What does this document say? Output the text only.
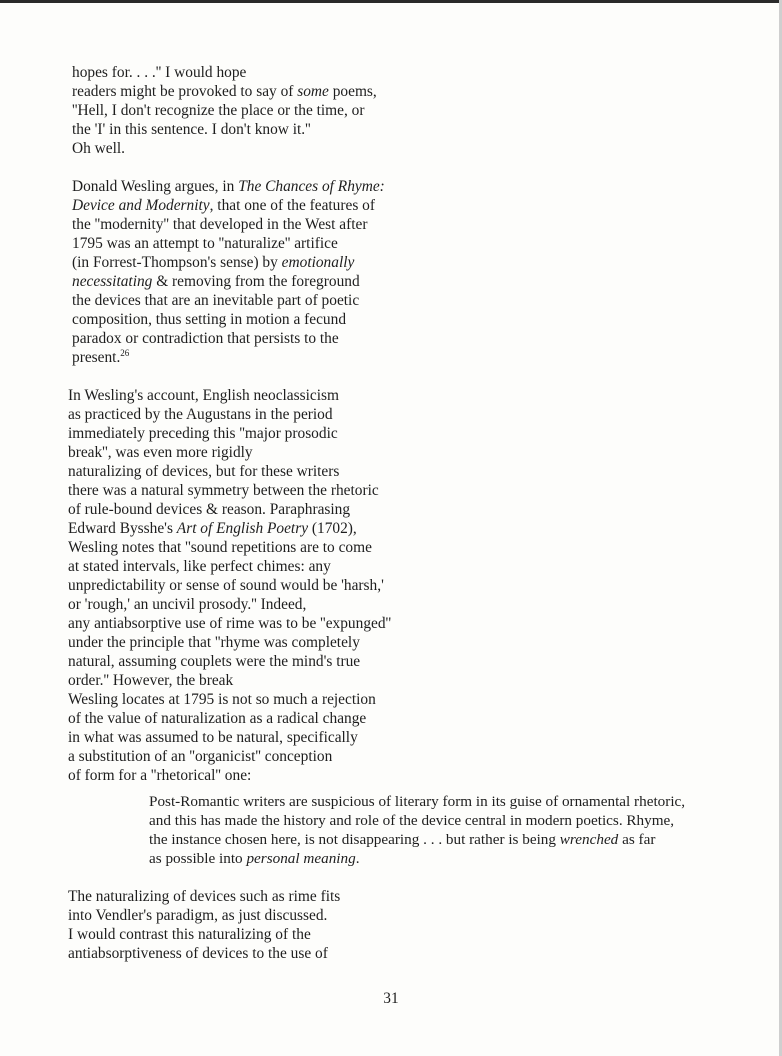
hopes for. . . .'' I would hope
readers might be provoked to say of some poems,
''Hell, I don't recognize the place or the time, or
the 'I' in this sentence. I don't know it.''
Oh well.
Donald Wesling argues, in The Chances of Rhyme:
Device and Modernity, that one of the features of
the ''modernity'' that developed in the West after
1795 was an attempt to ''naturalize'' artifice
(in Forrest-Thompson's sense) by emotionally
necessitating & removing from the foreground
the devices that are an inevitable part of poetic
composition, thus setting in motion a fecund
paradox or contradiction that persists to the
present.$^{26}$
In Wesling's account, English neoclassicism
as practiced by the Augustans in the period
immediately preceding this ''major prosodic
break'', was even more rigidly
naturalizing of devices, but for these writers
there was a natural symmetry between the rhetoric
of rule-bound devices & reason. Paraphrasing
Edward Bysshe's Art of English Poetry (1702),
Wesling notes that ''sound repetitions are to come
at stated intervals, like perfect chimes: any
unpredictability or sense of sound would be 'harsh,'
or 'rough,' an uncivil prosody.'' Indeed,
any antiabsorptive use of rime was to be ''expunged''
under the principle that ''rhyme was completely
natural, assuming couplets were the mind's true
order.'' However, the break
Wesling locates at 1795 is not so much a rejection
of the value of naturalization as a radical change
in what was assumed to be natural, specifically
a substitution of an ''organicist'' conception
of form for a ''rhetorical'' one:
Post-Romantic writers are suspicious of literary form in its guise of ornamental rhetoric,
and this has made the history and role of the device central in modern poetics. Rhyme,
the instance chosen here, is not disappearing . . . but rather is being wrenched as far
as possible into personal meaning.
The naturalizing of devices such as rime fits
into Vendler's paradigm, as just discussed.
I would contrast this naturalizing of the
antiabsorptiveness of devices to the use of
31
